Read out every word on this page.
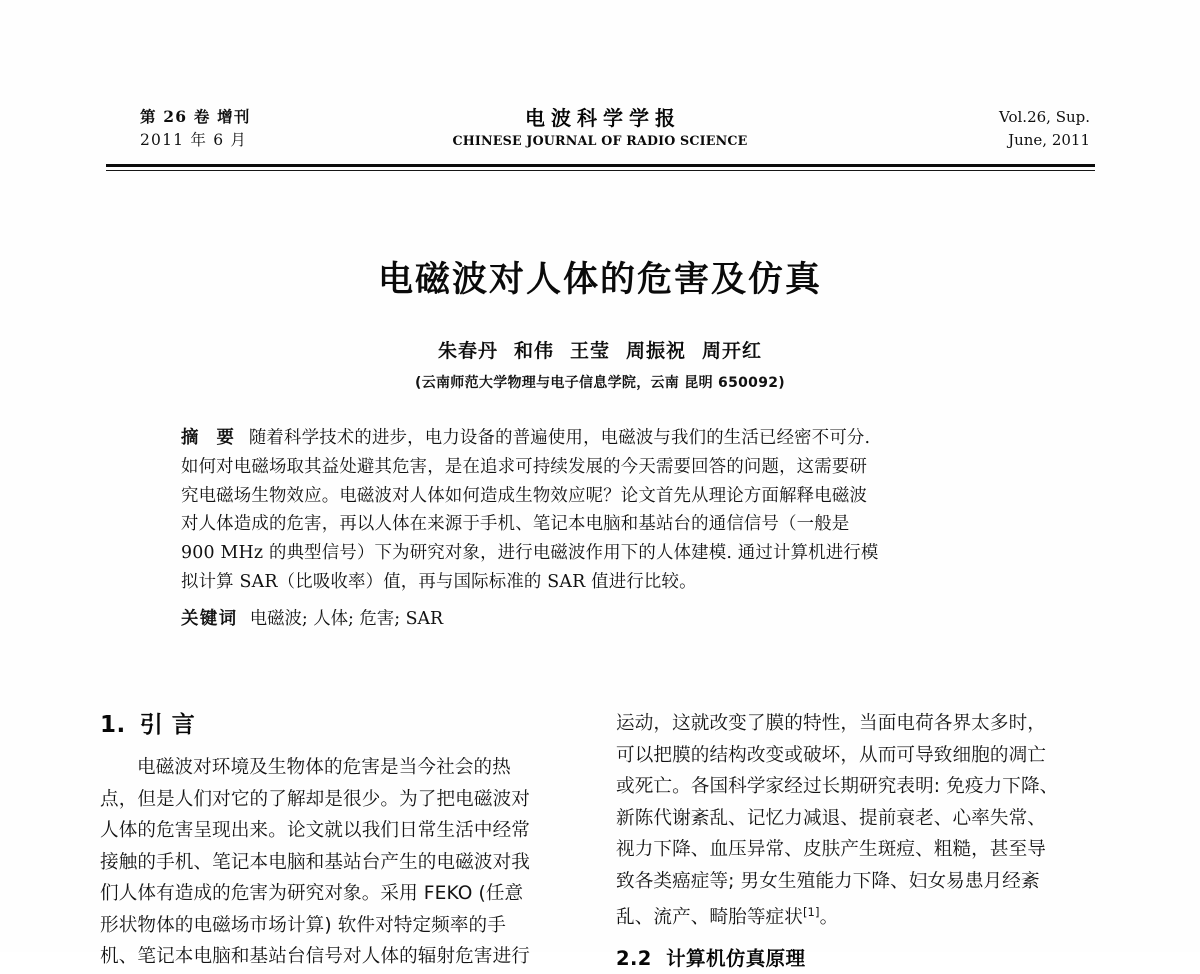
第 26 卷 增刊
2011 年 6 月
电波科学学报
CHINESE JOURNAL OF RADIO SCIENCE
Vol.26, Sup.
June, 2011
电磁波对人体的危害及仿真
朱春丹 和伟 王莹 周振祝 周开红
(云南师范大学物理与电子信息学院，云南 昆明 650092)
摘 要 随着科学技术的进步，电力设备的普遍使用，电磁波与我们的生活已经密不可分.
如何对电磁场取其益处避其危害，是在追求可持续发展的今天需要回答的问题，这需要研
究电磁场生物效应。电磁波对人体如何造成生物效应呢？论文首先从理论方面解释电磁波
对人体造成的危害，再以人体在来源于手机、笔记本电脑和基站台的通信信号（一般是
900 MHz 的典型信号）下为研究对象，进行电磁波作用下的人体建模. 通过计算机进行模
拟计算 SAR（比吸收率）值，再与国际标准的 SAR 值进行比较。
关键词 电磁波; 人体; 危害; SAR
1. 引 言

电磁波对环境及生物体的危害是当今社会的热
点，但是人们对它的了解却是很少。为了把电磁波对
人体的危害呈现出来。论文就以我们日常生活中经常
接触的手机、笔记本电脑和基站台产生的电磁波对我
们人体有造成的危害为研究对象。采用 FEKO (任意
形状物体的电磁场市场计算) 软件对特定频率的手
机、笔记本电脑和基站台信号对人体的辐射危害进行

运动，这就改变了膜的特性，当面电荷各界太多时，
可以把膜的结构改变或破坏，从而可导致细胞的凋亡
或死亡。各国科学家经过长期研究表明: 免疫力下降、
新陈代谢紊乱、记忆力减退、提前衰老、心率失常、
视力下降、血压异常、皮肤产生斑痘、粗糙，甚至导
致各类癌症等; 男女生殖能力下降、妇女易患月经紊
乱、流产、畸胎等症状[1]。

2.2 计算机仿真原理
